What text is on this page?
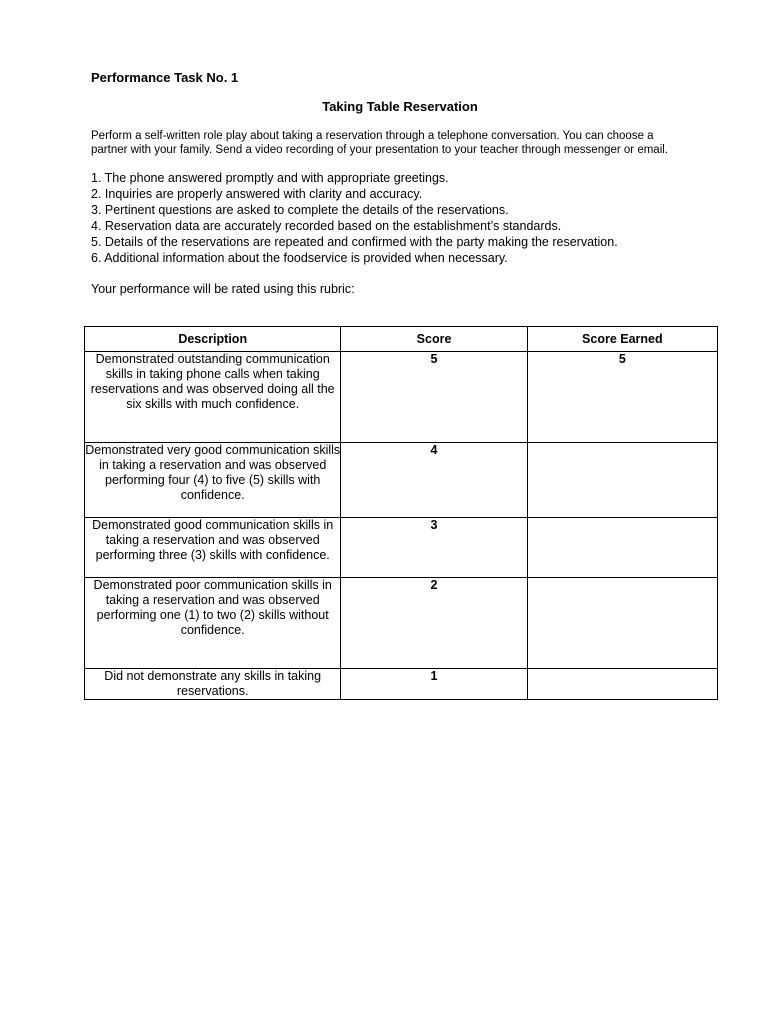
Performance Task No. 1
Taking Table Reservation
Perform a self-written role play about taking a reservation through a telephone conversation. You can choose a partner with your family. Send a video recording of your presentation to your teacher through messenger or email.
1. The phone answered promptly and with appropriate greetings.
2. Inquiries are properly answered with clarity and accuracy.
3. Pertinent questions are asked to complete the details of the reservations.
4. Reservation data are accurately recorded based on the establishment’s standards.
5. Details of the reservations are repeated and confirmed with the party making the reservation.
6. Additional information about the foodservice is provided when necessary.
Your performance will be rated using this rubric:
Description	Score	Score Earned
Demonstrated outstanding communication skills in taking phone calls when taking reservations and was observed doing all the six skills with much confidence.	5	5
Demonstrated very good communication skills in taking a reservation and was observed performing four (4) to five (5) skills with confidence.	4	
Demonstrated good communication skills in taking a reservation and was observed performing three (3) skills with confidence.	3	
Demonstrated poor communication skills in taking a reservation and was observed performing one (1) to two (2) skills without confidence.	2	
Did not demonstrate any skills in taking reservations.	1	
